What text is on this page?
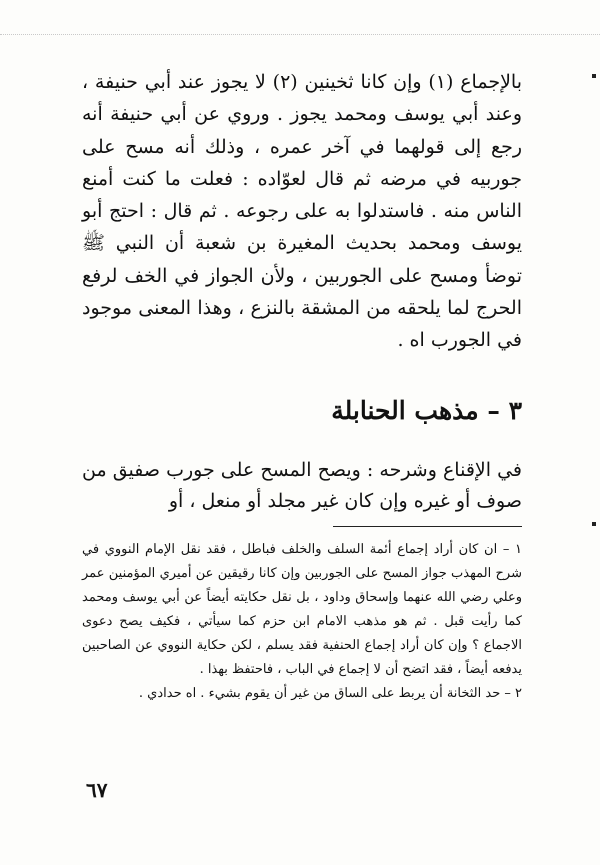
بالإجماع (١) وإن كانا ثخينين (٢) لا يجوز عند أبي حنيفة ، وعند أبي يوسف ومحمد يجوز . وروي عن أبي حنيفة أنه رجع إلى قولهما في آخر عمره ، وذلك أنه مسح على جوربيه في مرضه ثم قال لعوّاده : فعلت ما كنت أمنع الناس منه . فاستدلوا به على رجوعه . ثم قال : احتج أبو يوسف ومحمد بحديث المغيرة بن شعبة أن النبي ﷺ توضأ ومسح على الجوربين ، ولأن الجواز في الخف لرفع الحرج لما يلحقه من المشقة بالنزع ، وهذا المعنى موجود في الجورب اه .
٣ – مذهب الحنابلة
في الإقناع وشرحه : ويصح المسح على جورب صفيق من صوف أو غيره وإن كان غير مجلد أو منعل ، أو

١ – ان كان أراد إجماع أئمة السلف والخلف فباطل ، فقد نقل الإمام النووي في شرح المهذب جواز المسح على الجوربين وإن كانا رقيقين عن أميري المؤمنين عمر وعلي رضي الله عنهما وإسحاق وداود ، بل نقل حكايته أيضاً عن أبي يوسف ومحمد كما رأيت قبل . ثم هو مذهب الامام ابن حزم كما سيأتي ، فكيف يصح دعوى الاجماع ؟ وإن كان أراد إجماع الحنفية فقد يسلم ، لكن حكاية النووي عن الصاحبين يدفعه أيضاً ، فقد اتضح أن لا إجماع في الباب ، فاحتفظ بهذا .

٢ – حد الثخانة أن يربط على الساق من غير أن يقوم بشيء . اه حدادي .

٦٧
